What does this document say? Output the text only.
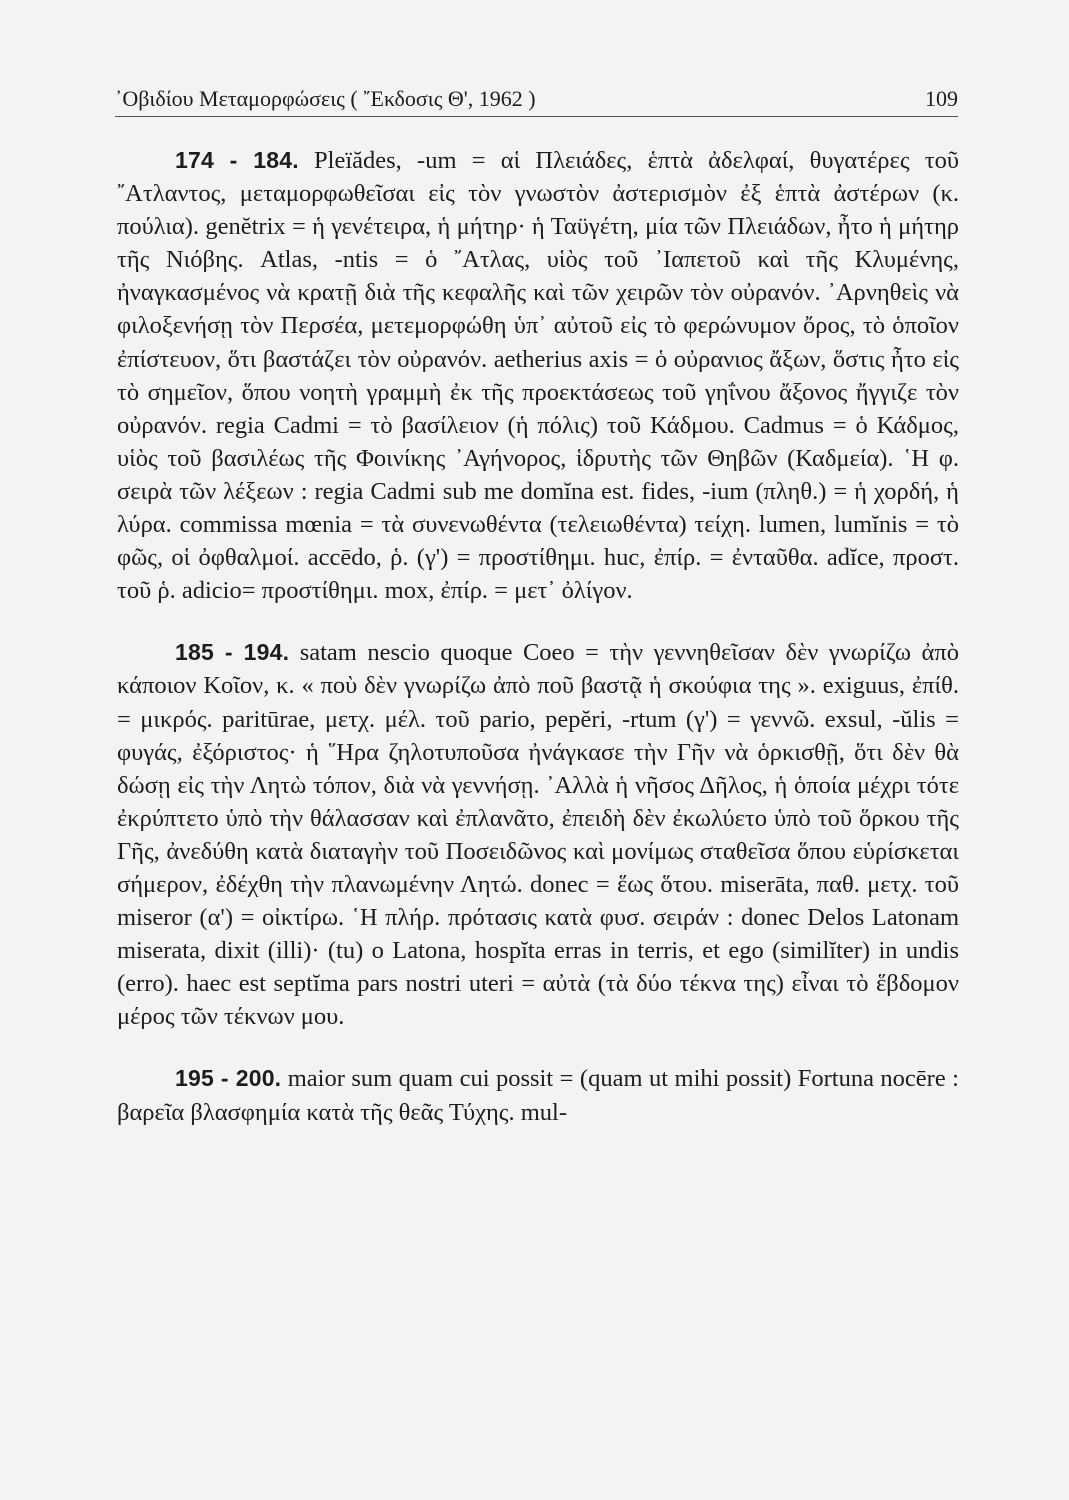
᾿Οβιδίου Μεταμορφώσεις ( ῎Εκδοσις Θ', 1962 )	109

174 - 184. Pleïădes, -um = αἱ Πλειάδες, ἑπτὰ ἀδελφαί, θυγατέρες τοῦ ῎Ατλαντος, μεταμορφωθεῖσαι εἰς τὸν γνωστὸν ἀστερισμὸν ἐξ ἑπτὰ ἀστέρων (κ. πούλια). genĕtrix = ἡ γενέτειρα, ἡ μήτηρ· ἡ Ταϋγέτη, μία τῶν Πλειάδων, ἦτο ἡ μήτηρ τῆς Νιόβης. Atlas, -ntis = ὁ ῎Ατλας, υἱὸς τοῦ ᾿Ιαπετοῦ καὶ τῆς Κλυμένης, ἠναγκασμένος νὰ κρατῇ διὰ τῆς κεφαλῆς καὶ τῶν χειρῶν τὸν οὐρανόν. ᾿Αρνηθεὶς νὰ φιλοξενήσῃ τὸν Περσέα, μετεμορφώθη ὑπ᾿ αὐτοῦ εἰς τὸ φερώνυμον ὄρος, τὸ ὁποῖον ἐπίστευον, ὅτι βαστάζει τὸν οὐρανόν. aetherius axis = ὁ οὐρανιος ἄξων, ὅστις ἦτο εἰς τὸ σημεῖον, ὅπου νοητὴ γραμμὴ ἐκ τῆς προεκτάσεως τοῦ γηΐνου ἄξονος ἤγγιζε τὸν οὐρανόν. regia Cadmi = τὸ βασίλειον (ἡ πόλις) τοῦ Κάδμου. Cadmus = ὁ Κάδμος, υἱὸς τοῦ βασιλέως τῆς Φοινίκης ᾿Αγήνορος, ἱδρυτὴς τῶν Θηβῶν (Καδμεία). ῾Η φ. σειρὰ τῶν λέξεων : regia Cadmi sub me domĭna est. fides, -ium (πληθ.) = ἡ χορδή, ἡ λύρα. commissa mœnia = τὰ συνενωθέντα (τελειωθέντα) τείχη. lumen, lumĭnis = τὸ φῶς, οἱ ὀφθαλμοί. accēdo, ῥ. (γ') = προστίθημι. huc, ἐπίρ. = ἐνταῦθα. adĭce, προστ. τοῦ ῥ. adicio= προστίθημι. mox, ἐπίρ. = μετ᾿ ὀλίγον.

185 - 194. satam nescio quoque Coeo = τὴν γεννηθεῖσαν δὲν γνωρίζω ἀπὸ κάποιον Κοῖον, κ. « ποὺ δὲν γνωρίζω ἀπὸ ποῦ βαστᾷ ἡ σκούφια της ». exiguus, ἐπίθ. = μικρός. paritūrae, μετχ. μέλ. τοῦ pario, pepĕri, -rtum (γ') = γεννῶ. exsul, -ŭlis = φυγάς, ἐξόριστος· ἡ ῞Ηρα ζηλοτυποῦσα ἠνάγκασε τὴν Γῆν νὰ ὁρκισθῇ, ὅτι δὲν θὰ δώσῃ εἰς τὴν Λητὼ τόπον, διὰ νὰ γεννήσῃ. ᾿Αλλὰ ἡ νῆσος Δῆλος, ἡ ὁποία μέχρι τότε ἐκρύπτετο ὑπὸ τὴν θάλασσαν καὶ ἐπλανᾶτο, ἐπειδὴ δὲν ἐκωλύετο ὑπὸ τοῦ ὅρκου τῆς Γῆς, ἀνεδύθη κατὰ διαταγὴν τοῦ Ποσειδῶνος καὶ μονίμως σταθεῖσα ὅπου εὑρίσκεται σήμερον, ἐδέχθη τὴν πλανωμένην Λητώ. donec = ἕως ὅτου. miserāta, παθ. μετχ. τοῦ miseror (α') = οἰκτίρω. ῾Η πλήρ. πρότασις κατὰ φυσ. σειράν : donec Delos Latonam miserata, dixit (illi)· (tu) o Latona, hospĭta erras in terris, et ego (similĭter) in undis (erro). haec est septĭma pars nostri uteri = αὐτὰ (τὰ δύο τέκνα της) εἶναι τὸ ἕβδομον μέρος τῶν τέκνων μου.

195 - 200. maior sum quam cui possit = (quam ut mihi possit) Fortuna nocēre : βαρεῖα βλασφημία κατὰ τῆς θεᾶς Τύχης. mul-
